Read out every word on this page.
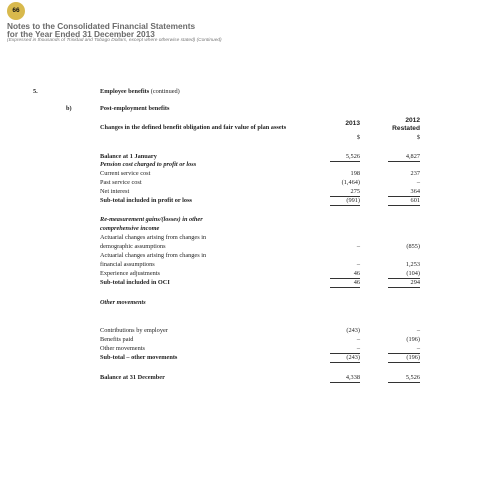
66
Notes to the Consolidated Financial Statements
for the Year Ended 31 December 2013
(Expressed in thousands of Trinidad and Tobago Dollars, except where otherwise stated) (Continued)
5.	Employee benefits (continued)
b)	Post-employment benefits
Changes in the defined benefit obligation and fair value of plan assets
2013	2012
Restated
$	$
Balance at 1 January	5,526	4,827
Pension cost charged to profit or loss
Current service cost	198	237
Past service cost	(1,464)	–
Net interest	275	364
Sub-total included in profit or loss	(991)	601
Re-measurement gains/(losses) in other
comprehensive income
Actuarial changes arising from changes in
demographic assumptions	–	(855)
Actuarial changes arising from changes in
financial assumptions	–	1,253
Experience adjustments	46	(104)
Sub-total included in OCI	46	294
Other movements
Contributions by employer	(243)	–
Benefits paid	–	(196)
Other movements	–	–
Sub-total – other movements	(243)	(196)
Balance at 31 December	4,338	5,526
